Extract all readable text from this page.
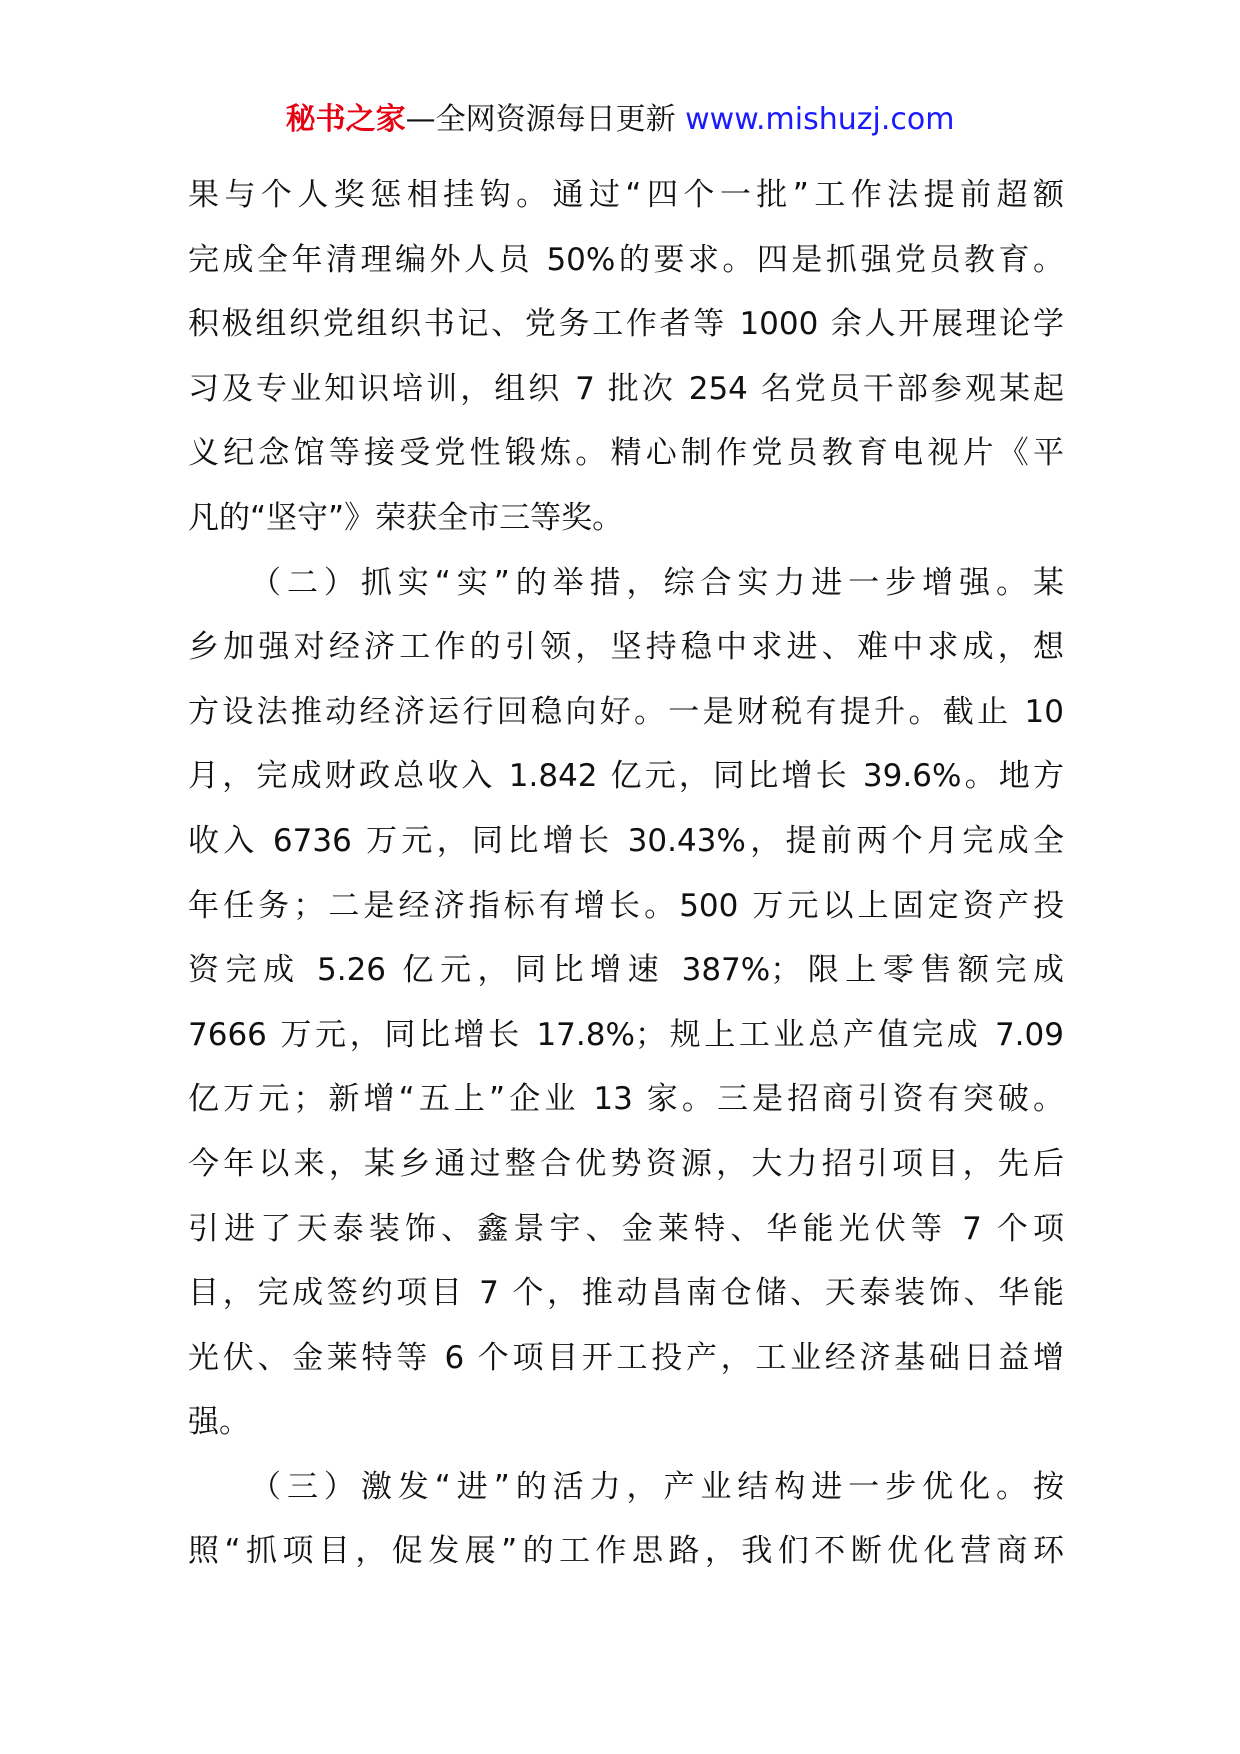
秘书之家—全网资源每日更新 www.mishuzj.com
果与个人奖惩相挂钩。通过“四个一批”工作法提前超额
完成全年清理编外人员 50%的要求。四是抓强党员教育。
积极组织党组织书记、党务工作者等 1000 余人开展理论学
习及专业知识培训，组织 7 批次 254 名党员干部参观某起
义纪念馆等接受党性锻炼。精心制作党员教育电视片《平
凡的“坚守”》荣获全市三等奖。
（二）抓实“实”的举措，综合实力进一步增强。某
乡加强对经济工作的引领，坚持稳中求进、难中求成，想
方设法推动经济运行回稳向好。一是财税有提升。截止 10
月，完成财政总收入 1.842 亿元，同比增长 39.6%。地方
收入 6736 万元，同比增长 30.43%，提前两个月完成全
年任务；二是经济指标有增长。500 万元以上固定资产投
资完成 5.26 亿元，同比增速 387%；限上零售额完成
7666 万元，同比增长 17.8%；规上工业总产值完成 7.09
亿万元；新增“五上”企业 13 家。三是招商引资有突破。
今年以来，某乡通过整合优势资源，大力招引项目，先后
引进了天泰装饰、鑫景宇、金莱特、华能光伏等 7 个项
目，完成签约项目 7 个，推动昌南仓储、天泰装饰、华能
光伏、金莱特等 6 个项目开工投产，工业经济基础日益增
强。
（三）激发“进”的活力，产业结构进一步优化。按
照“抓项目，促发展”的工作思路，我们不断优化营商环
